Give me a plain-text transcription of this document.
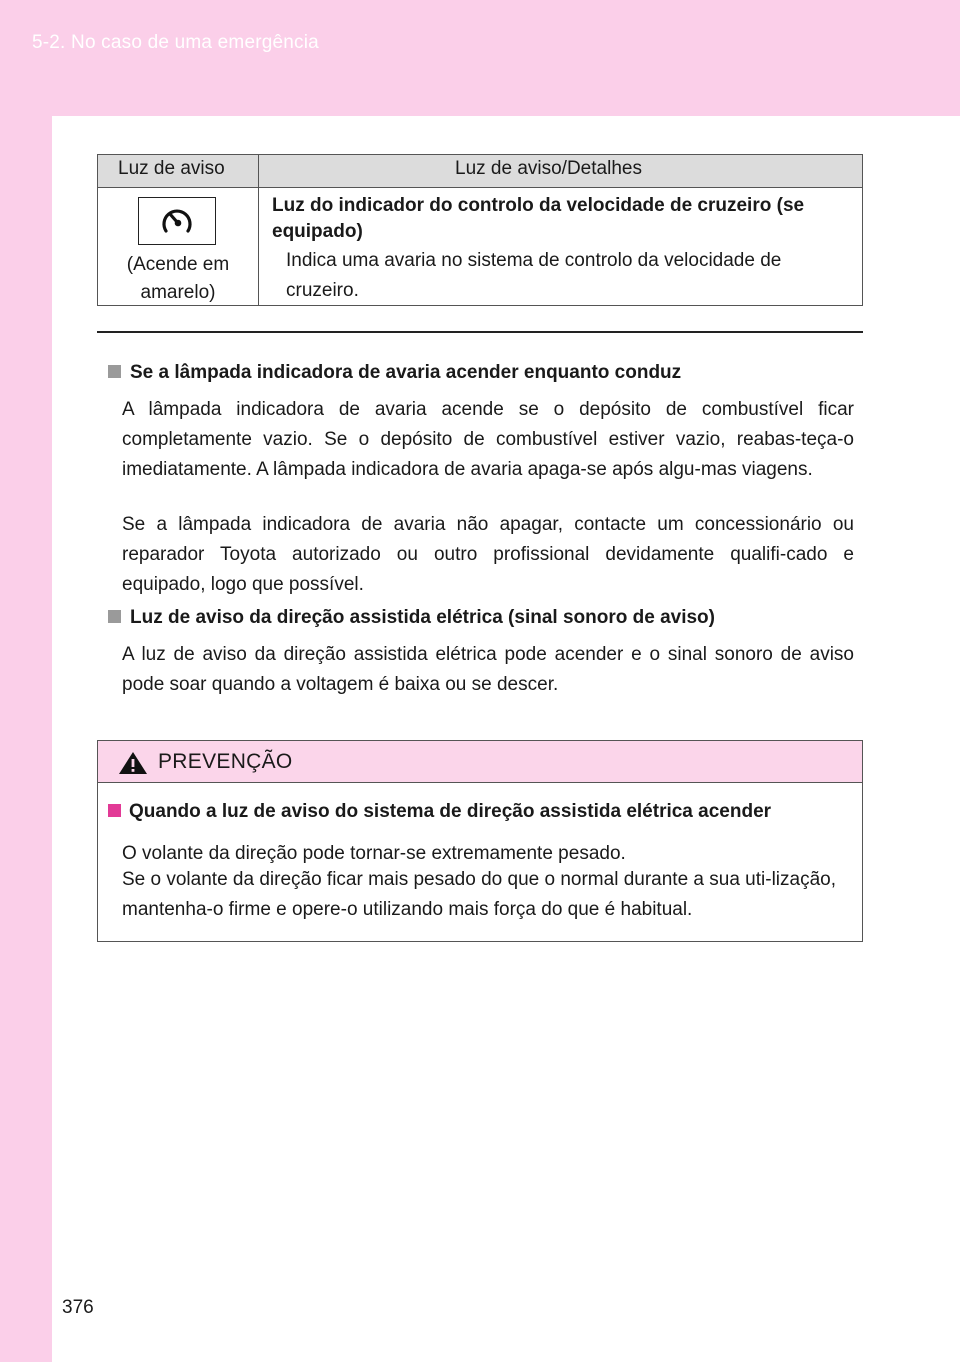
5-2. No caso de uma emergência
Luz de aviso	Luz de aviso/Detalhes
(Acende em
amarelo)
Luz do indicador do controlo da velocidade de cruzeiro (se equipado)
Indica uma avaria no sistema de controlo da velocidade de
cruzeiro.
Se a lâmpada indicadora de avaria acender enquanto conduz
A lâmpada indicadora de avaria acende se o depósito de combustível ficar completamente vazio. Se o depósito de combustível estiver vazio, reabas-teça-o imediatamente. A lâmpada indicadora de avaria apaga-se após algu-mas viagens.
Se a lâmpada indicadora de avaria não apagar, contacte um concessionário ou reparador Toyota autorizado ou outro profissional devidamente qualifi-cado e equipado, logo que possível.
Luz de aviso da direção assistida elétrica (sinal sonoro de aviso)
A luz de aviso da direção assistida elétrica pode acender e o sinal sonoro de aviso pode soar quando a voltagem é baixa ou se descer.
PREVENÇÃO
Quando a luz de aviso do sistema de direção assistida elétrica acender
O volante da direção pode tornar-se extremamente pesado.
Se o volante da direção ficar mais pesado do que o normal durante a sua uti-lização, mantenha-o firme e opere-o utilizando mais força do que é habitual.
376
